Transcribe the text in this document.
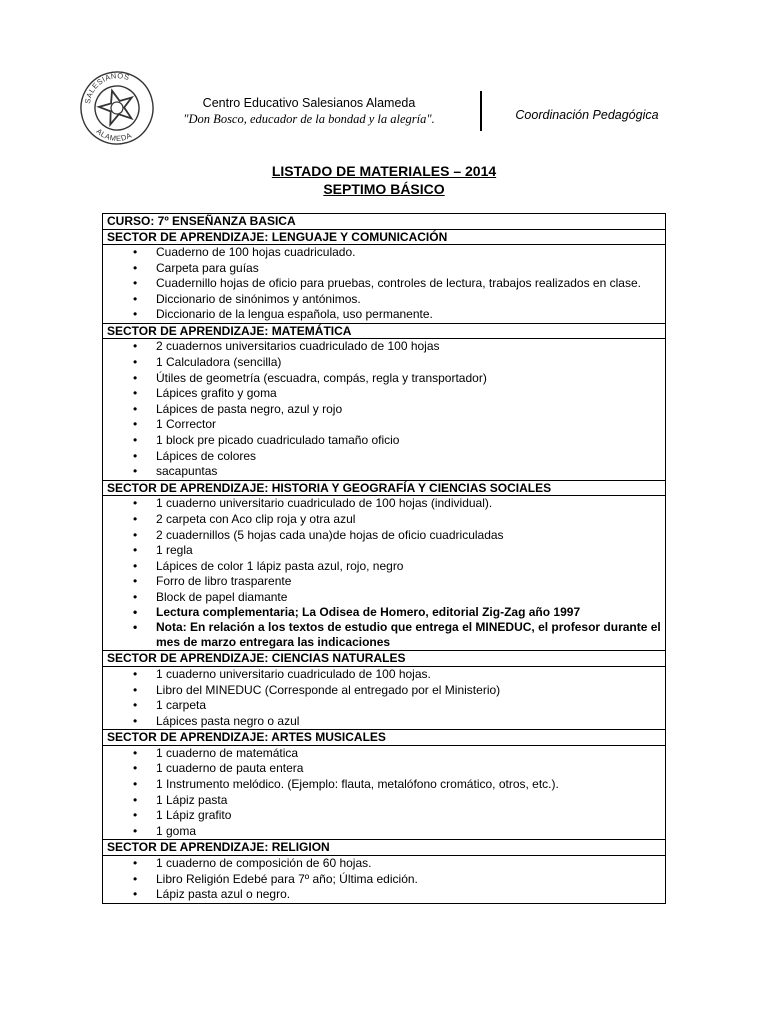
SALESIANOS
ALAMEDA
Centro Educativo Salesianos Alameda
"Don Bosco, educador de la bondad y la alegría".	Coordinación Pedagógica
LISTADO DE MATERIALES – 2014
SEPTIMO BÁSICO
CURSO: 7º ENSEÑANZA BASICA
SECTOR DE APRENDIZAJE: LENGUAJE Y COMUNICACIÓN

• Cuaderno de 100 hojas cuadriculado.
• Carpeta para guías
• Cuadernillo hojas de oficio para pruebas, controles de lectura, trabajos realizados en clase.
• Diccionario de sinónimos y antónimos.
• Diccionario de la lengua española, uso permanente.

SECTOR DE APRENDIZAJE: MATEMÁTICA

• 2 cuadernos universitarios cuadriculado de 100 hojas
• 1 Calculadora (sencilla)
• Útiles de geometría (escuadra, compás, regla y transportador)
• Lápices grafito y goma
• Lápices de pasta negro, azul y rojo
• 1 Corrector
• 1 block pre picado cuadriculado tamaño oficio
• Lápices de colores
• sacapuntas

SECTOR DE APRENDIZAJE: HISTORIA Y GEOGRAFÍA Y CIENCIAS SOCIALES

• 1 cuaderno universitario cuadriculado de 100 hojas (individual).
• 2 carpeta con Aco clip roja y otra azul
• 2 cuadernillos (5 hojas cada una)de hojas de oficio cuadriculadas
• 1 regla
• Lápices de color 1 lápiz pasta azul, rojo, negro
• Forro de libro trasparente
• Block de papel diamante
• Lectura complementaria; La Odisea de Homero, editorial Zig-Zag año 1997
• Nota: En relación a los textos de estudio que entrega el MINEDUC, el profesor durante el mes de marzo entregara las indicaciones

SECTOR DE APRENDIZAJE: CIENCIAS NATURALES

• 1 cuaderno universitario cuadriculado de 100 hojas.
• Libro del MINEDUC (Corresponde al entregado por el Ministerio)
• 1 carpeta
• Lápices pasta negro o azul

SECTOR DE APRENDIZAJE: ARTES MUSICALES

• 1 cuaderno de matemática
• 1 cuaderno de pauta entera
• 1 Instrumento melódico. (Ejemplo: flauta, metalófono cromático, otros, etc.).
• 1 Lápiz pasta
• 1 Lápiz grafito
• 1 goma

SECTOR DE APRENDIZAJE: RELIGION

• 1 cuaderno de composición de 60 hojas.
• Libro Religión Edebé para 7º año; Última edición.
• Lápiz pasta azul o negro.
